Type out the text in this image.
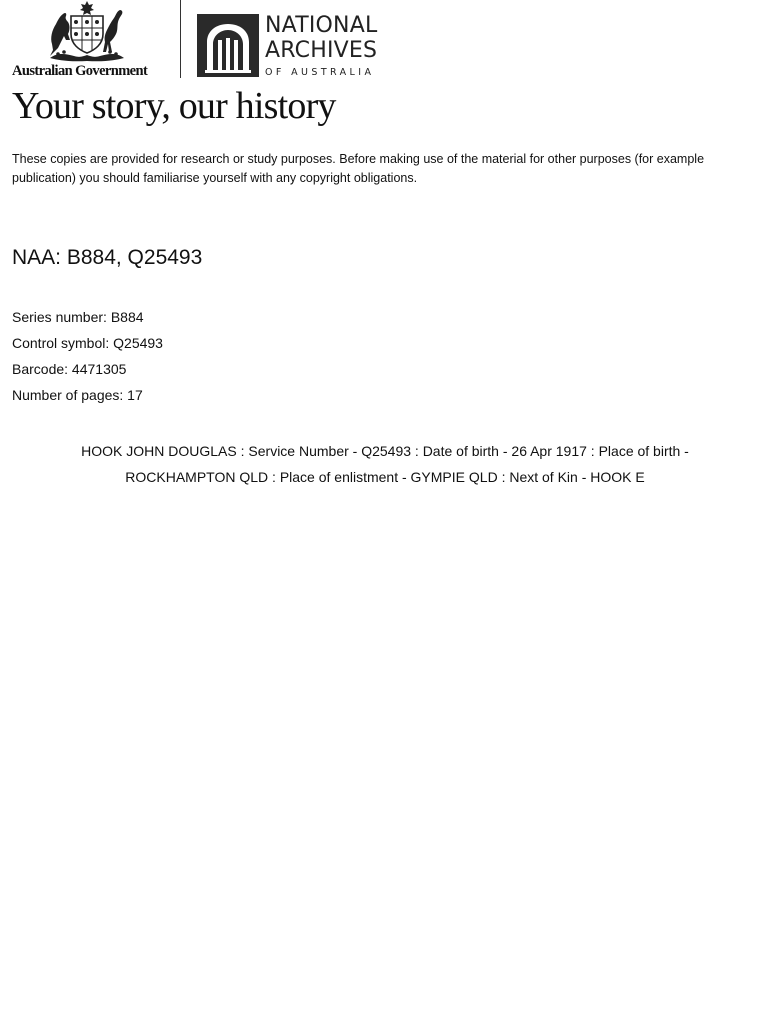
Australian Government
NATIONAL
ARCHIVES
OF AUSTRALIA
Your story, our history

These copies are provided for research or study purposes. Before making use of the material for other purposes (for example publication) you should familiarise yourself with any copyright obligations.

NAA: B884, Q25493
Series number: B884
Control symbol: Q25493
Barcode: 4471305
Number of pages: 17

HOOK JOHN DOUGLAS : Service Number - Q25493 : Date of birth - 26 Apr 1917 : Place of birth -
ROCKHAMPTON QLD : Place of enlistment - GYMPIE QLD : Next of Kin - HOOK E
